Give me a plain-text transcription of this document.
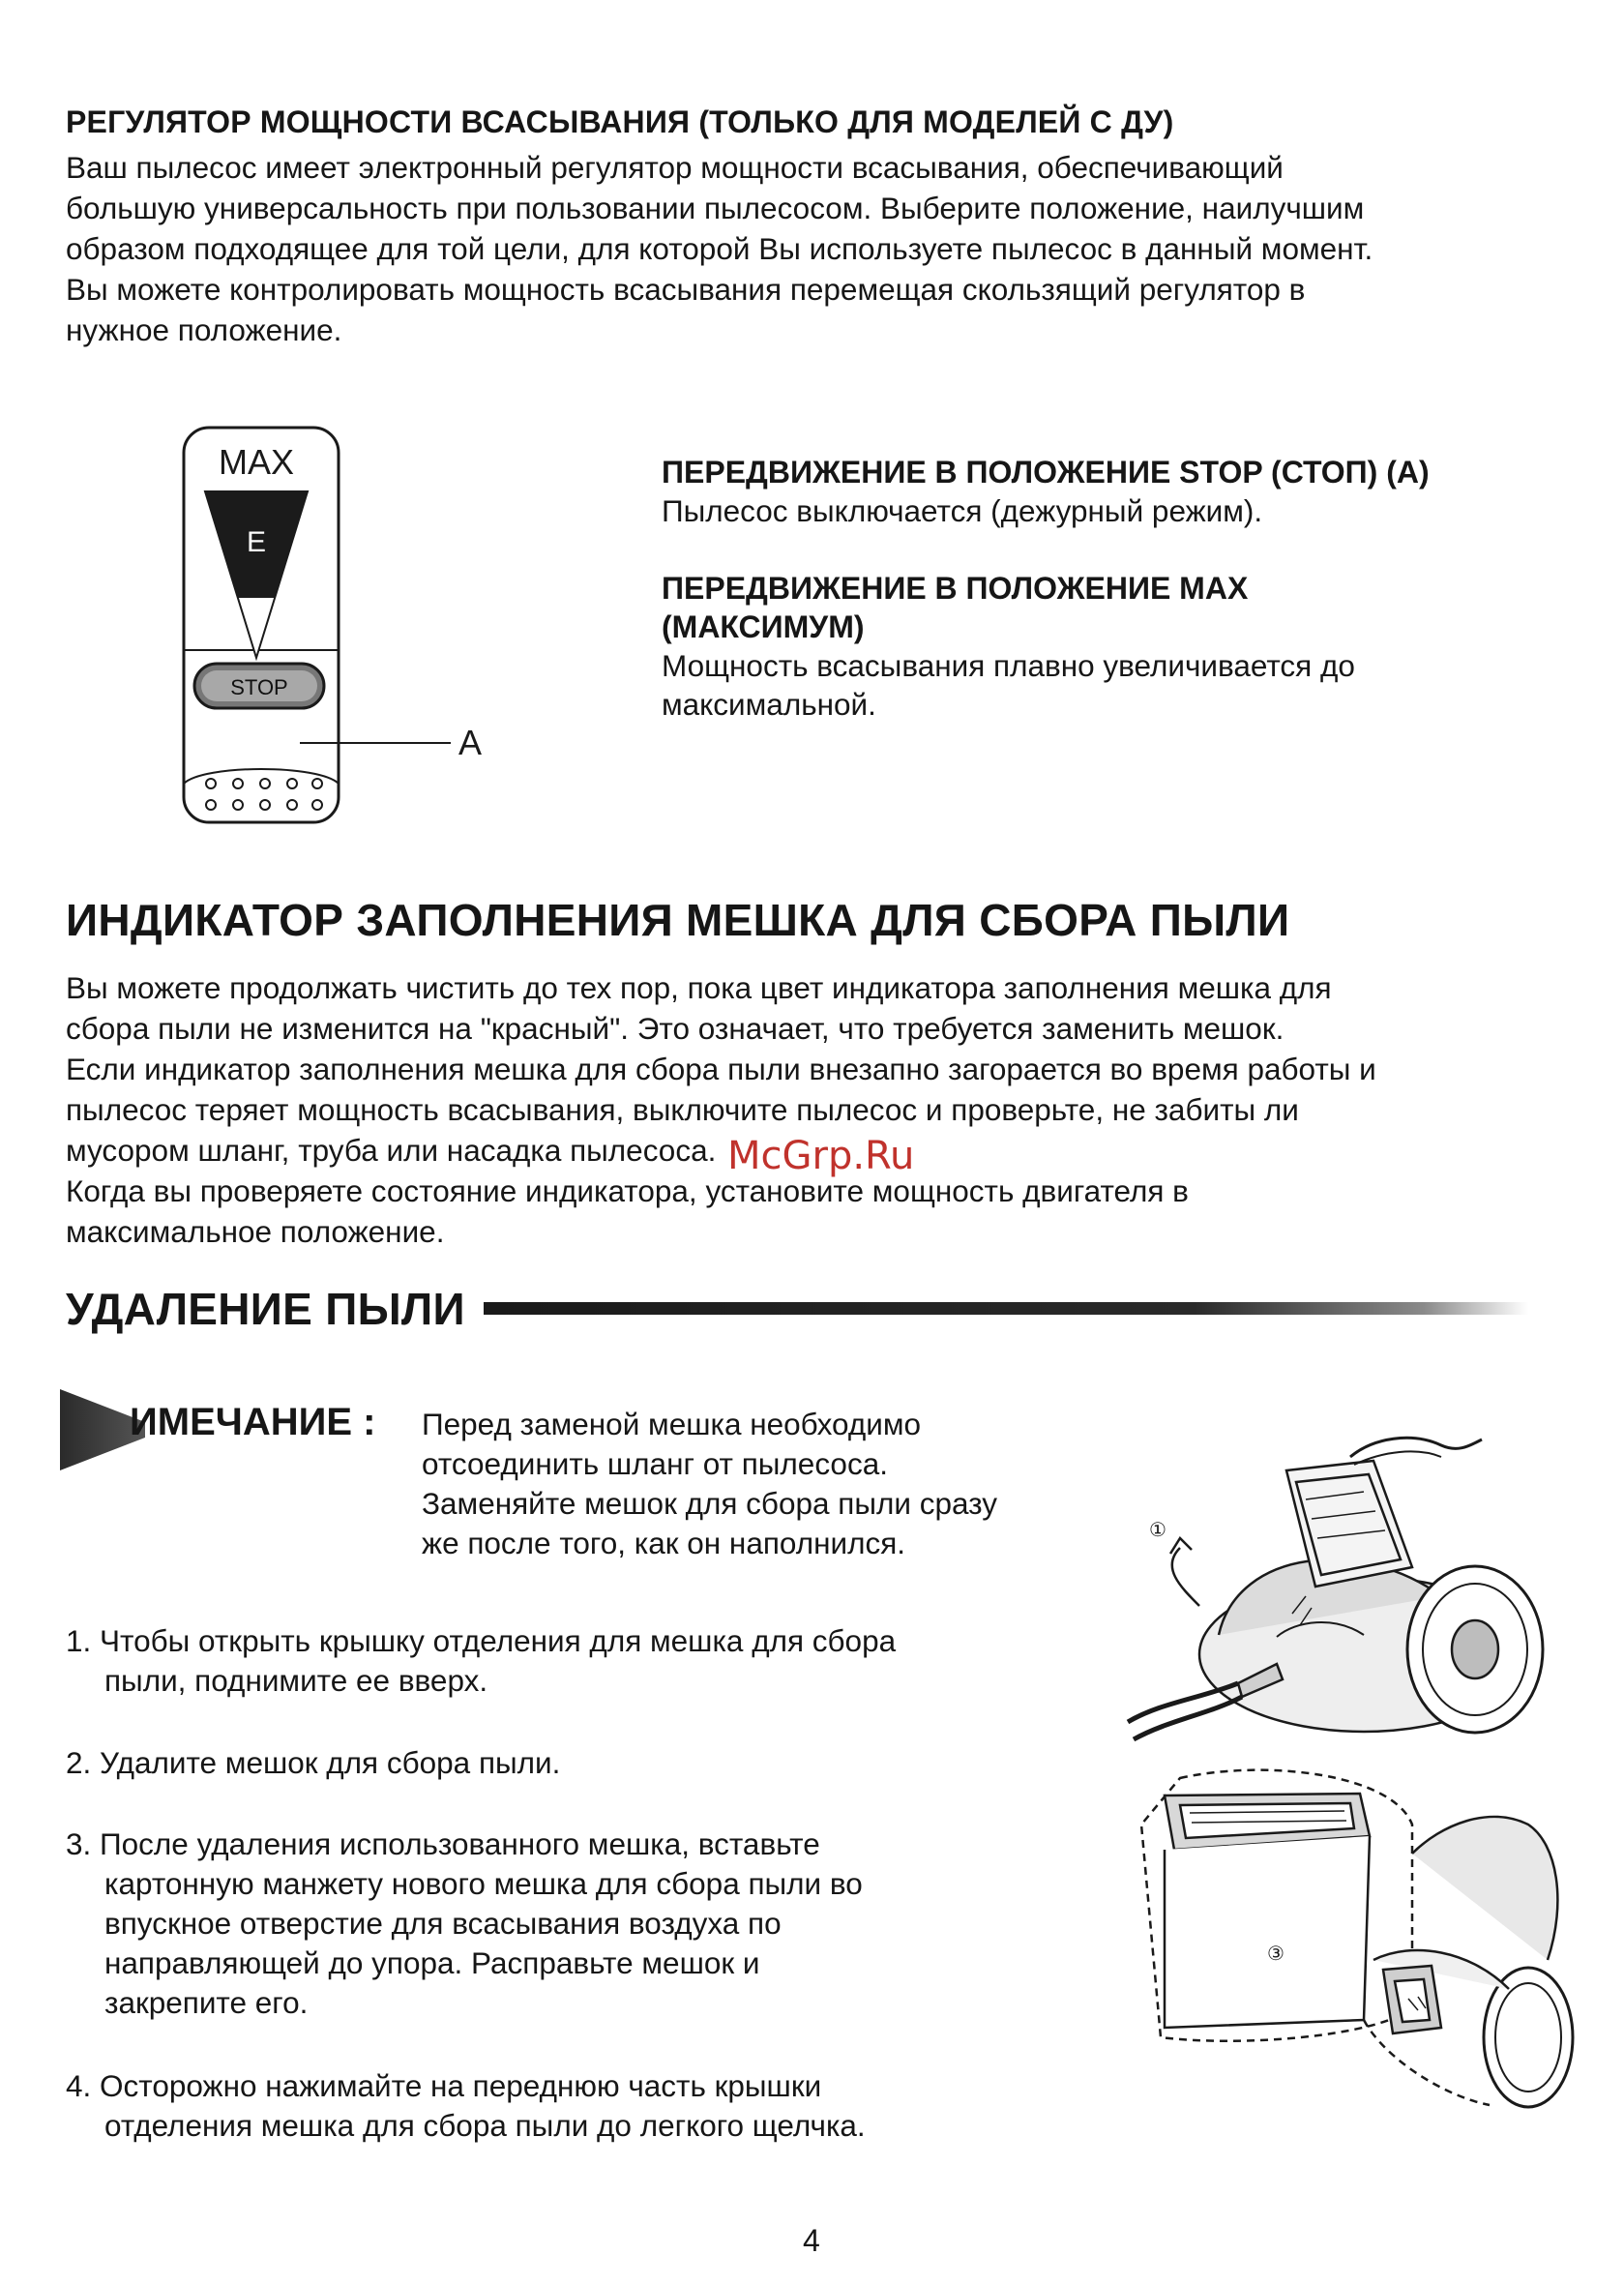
РЕГУЛЯТОР МОЩНОСТИ ВСАСЫВАНИЯ (ТОЛЬКО ДЛЯ МОДЕЛЕЙ С ДУ)
Ваш пылесос имеет электронный регулятор мощности всасывания, обеспечивающий
большую универсальность при пользовании пылесосом. Выберите положение, наилучшим
образом подходящее для той цели, для которой Вы используете пылесос в данный момент.
Вы можете контролировать мощность всасывания перемещая скользящий регулятор в
нужное положение.
MAX
E
STOP
A
ПЕРЕДВИЖЕНИЕ В ПОЛОЖЕНИЕ STOP (СТОП) (А)
Пылесос выключается (дежурный режим).
ПЕРЕДВИЖЕНИЕ В ПОЛОЖЕНИЕ МАХ
(МАКСИМУМ)
Мощность всасывания плавно увеличивается до
максимальной.
ИНДИКАТОР ЗАПОЛНЕНИЯ МЕШКА ДЛЯ СБОРА ПЫЛИ
Вы можете продолжать чистить до тех пор, пока цвет индикатора заполнения мешка для
сбора пыли не изменится на "красный". Это означает, что требуется заменить мешок.
Если индикатор заполнения мешка для сбора пыли внезапно загорается во время работы и
пылесос теряет мощность всасывания, выключите пылесос и проверьте, не забиты ли
мусором шланг, труба или насадка пылесоса.
Когда вы проверяете состояние индикатора, установите мощность двигателя в
максимальное положение.
McGrp.Ru
УДАЛЕНИЕ ПЫЛИ
ИМЕЧАНИЕ : Перед заменой мешка необходимо
отсоединить шланг от пылесоса.
Заменяйте мешок для сбора пыли сразу
же после того, как он наполнился.
1. Чтобы открыть крышку отделения для мешка для сбора
пыли, поднимите ее вверх.
2. Удалите мешок для сбора пыли.
3. После удаления использованного мешка, вставьте
картонную манжету нового мешка для сбора пыли во
впускное отверстие для всасывания воздуха по
направляющей до упора. Расправьте мешок и
закрепите его.
4. Осторожно нажимайте на переднюю часть крышки
отделения мешка для сбора пыли до легкого щелчка.
①
③
4
